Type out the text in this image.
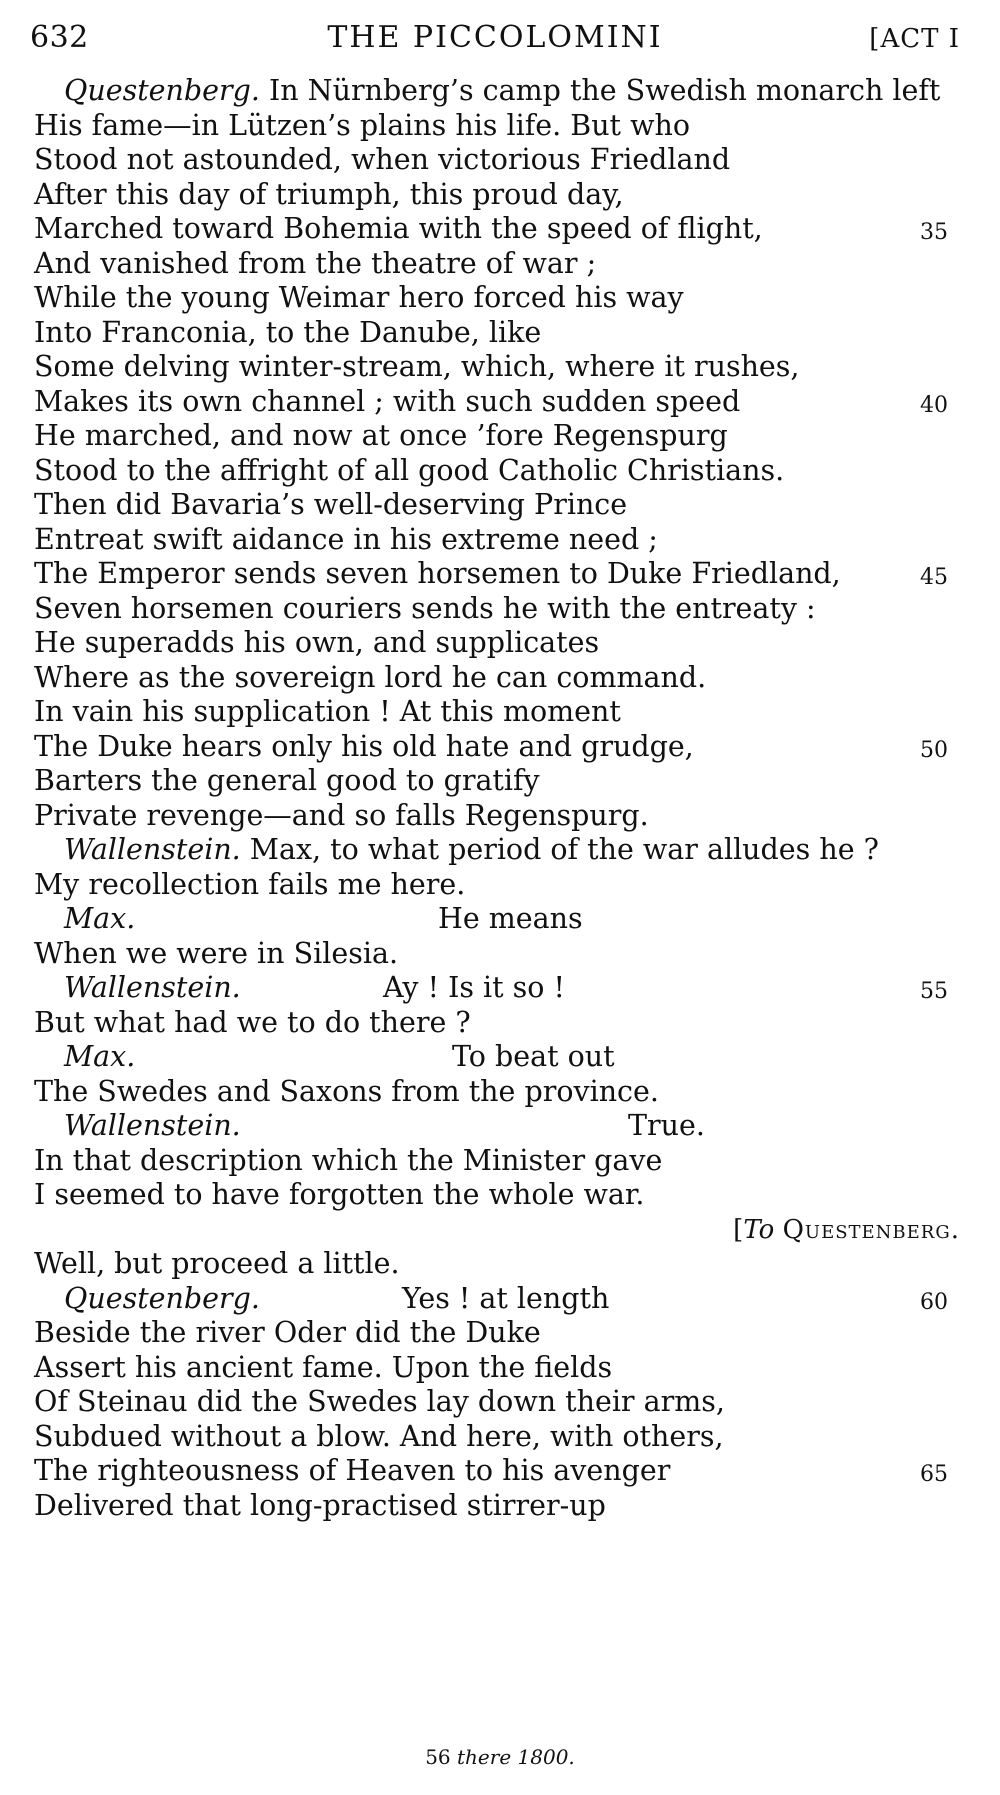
632	THE PICCOLOMINI	[ACT I
Questenberg. In Nürnberg’s camp the Swedish monarch left
His fame—in Lützen’s plains his life. But who
Stood not astounded, when victorious Friedland
After this day of triumph, this proud day,
Marched toward Bohemia with the speed of flight,	35
And vanished from the theatre of war ;
While the young Weimar hero forced his way
Into Franconia, to the Danube, like
Some delving winter-stream, which, where it rushes,
Makes its own channel ; with such sudden speed	40
He marched, and now at once ’fore Regenspurg
Stood to the affright of all good Catholic Christians.
Then did Bavaria’s well-deserving Prince
Entreat swift aidance in his extreme need ;
The Emperor sends seven horsemen to Duke Friedland,	45
Seven horsemen couriers sends he with the entreaty :
He superadds his own, and supplicates
Where as the sovereign lord he can command.
In vain his supplication ! At this moment
The Duke hears only his old hate and grudge,	50
Barters the general good to gratify
Private revenge—and so falls Regenspurg.
Wallenstein. Max, to what period of the war alludes he ?
My recollection fails me here.
Max.	He means
When we were in Silesia.
Wallenstein.	Ay ! Is it so !	55
But what had we to do there ?
Max.	To beat out
The Swedes and Saxons from the province.
Wallenstein.	True.
In that description which the Minister gave
I seemed to have forgotten the whole war.
[To Questenberg.
Well, but proceed a little.
Questenberg.	Yes ! at length	60
Beside the river Oder did the Duke
Assert his ancient fame. Upon the fields
Of Steinau did the Swedes lay down their arms,
Subdued without a blow. And here, with others,
The righteousness of Heaven to his avenger	65
Delivered that long-practised stirrer-up
56 there 1800.
